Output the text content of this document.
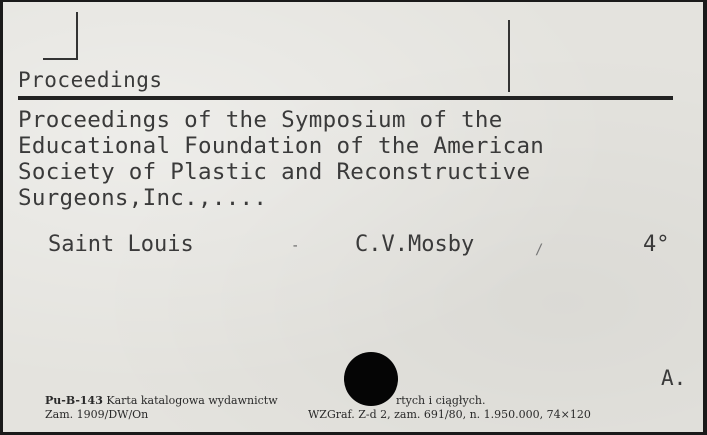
Proceedings
Proceedings of the Symposium of the
Educational Foundation of the American
Society of Plastic and Reconstructive
Surgeons,Inc.,....
Saint Louis	-	C.V.Mosby	/	4°
A.
Pu-B-143 Karta katalogowa wydawnictw	rtych i ciągłych.
Zam. 1909/DW/On	WZGraf. Z-d 2, zam. 691/80, n. 1.950.000, 74×120
